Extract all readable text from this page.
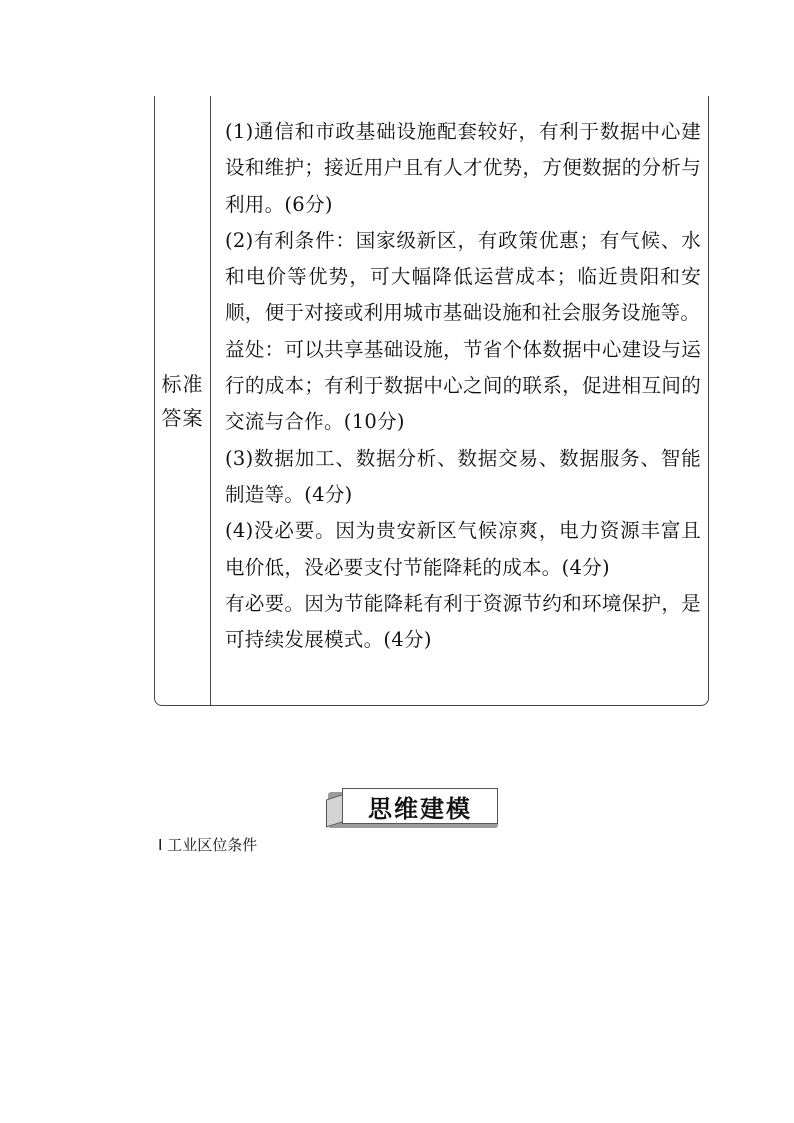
标准答案

(1)通信和市政基础设施配套较好，有利于数据中心建设和维护；接近用户且有人才优势，方便数据的分析与利用。(6分)

(2)有利条件：国家级新区，有政策优惠；有气候、水和电价等优势，可大幅降低运营成本；临近贵阳和安顺，便于对接或利用城市基础设施和社会服务设施等。

益处：可以共享基础设施，节省个体数据中心建设与运行的成本；有利于数据中心之间的联系，促进相互间的交流与合作。(10分)

(3)数据加工、数据分析、数据交易、数据服务、智能制造等。(4分)

(4)没必要。因为贵安新区气候凉爽，电力资源丰富且电价低，没必要支付节能降耗的成本。(4分)

有必要。因为节能降耗有利于资源节约和环境保护，是可持续发展模式。(4分)

思维建模
Ⅰ 工业区位条件
